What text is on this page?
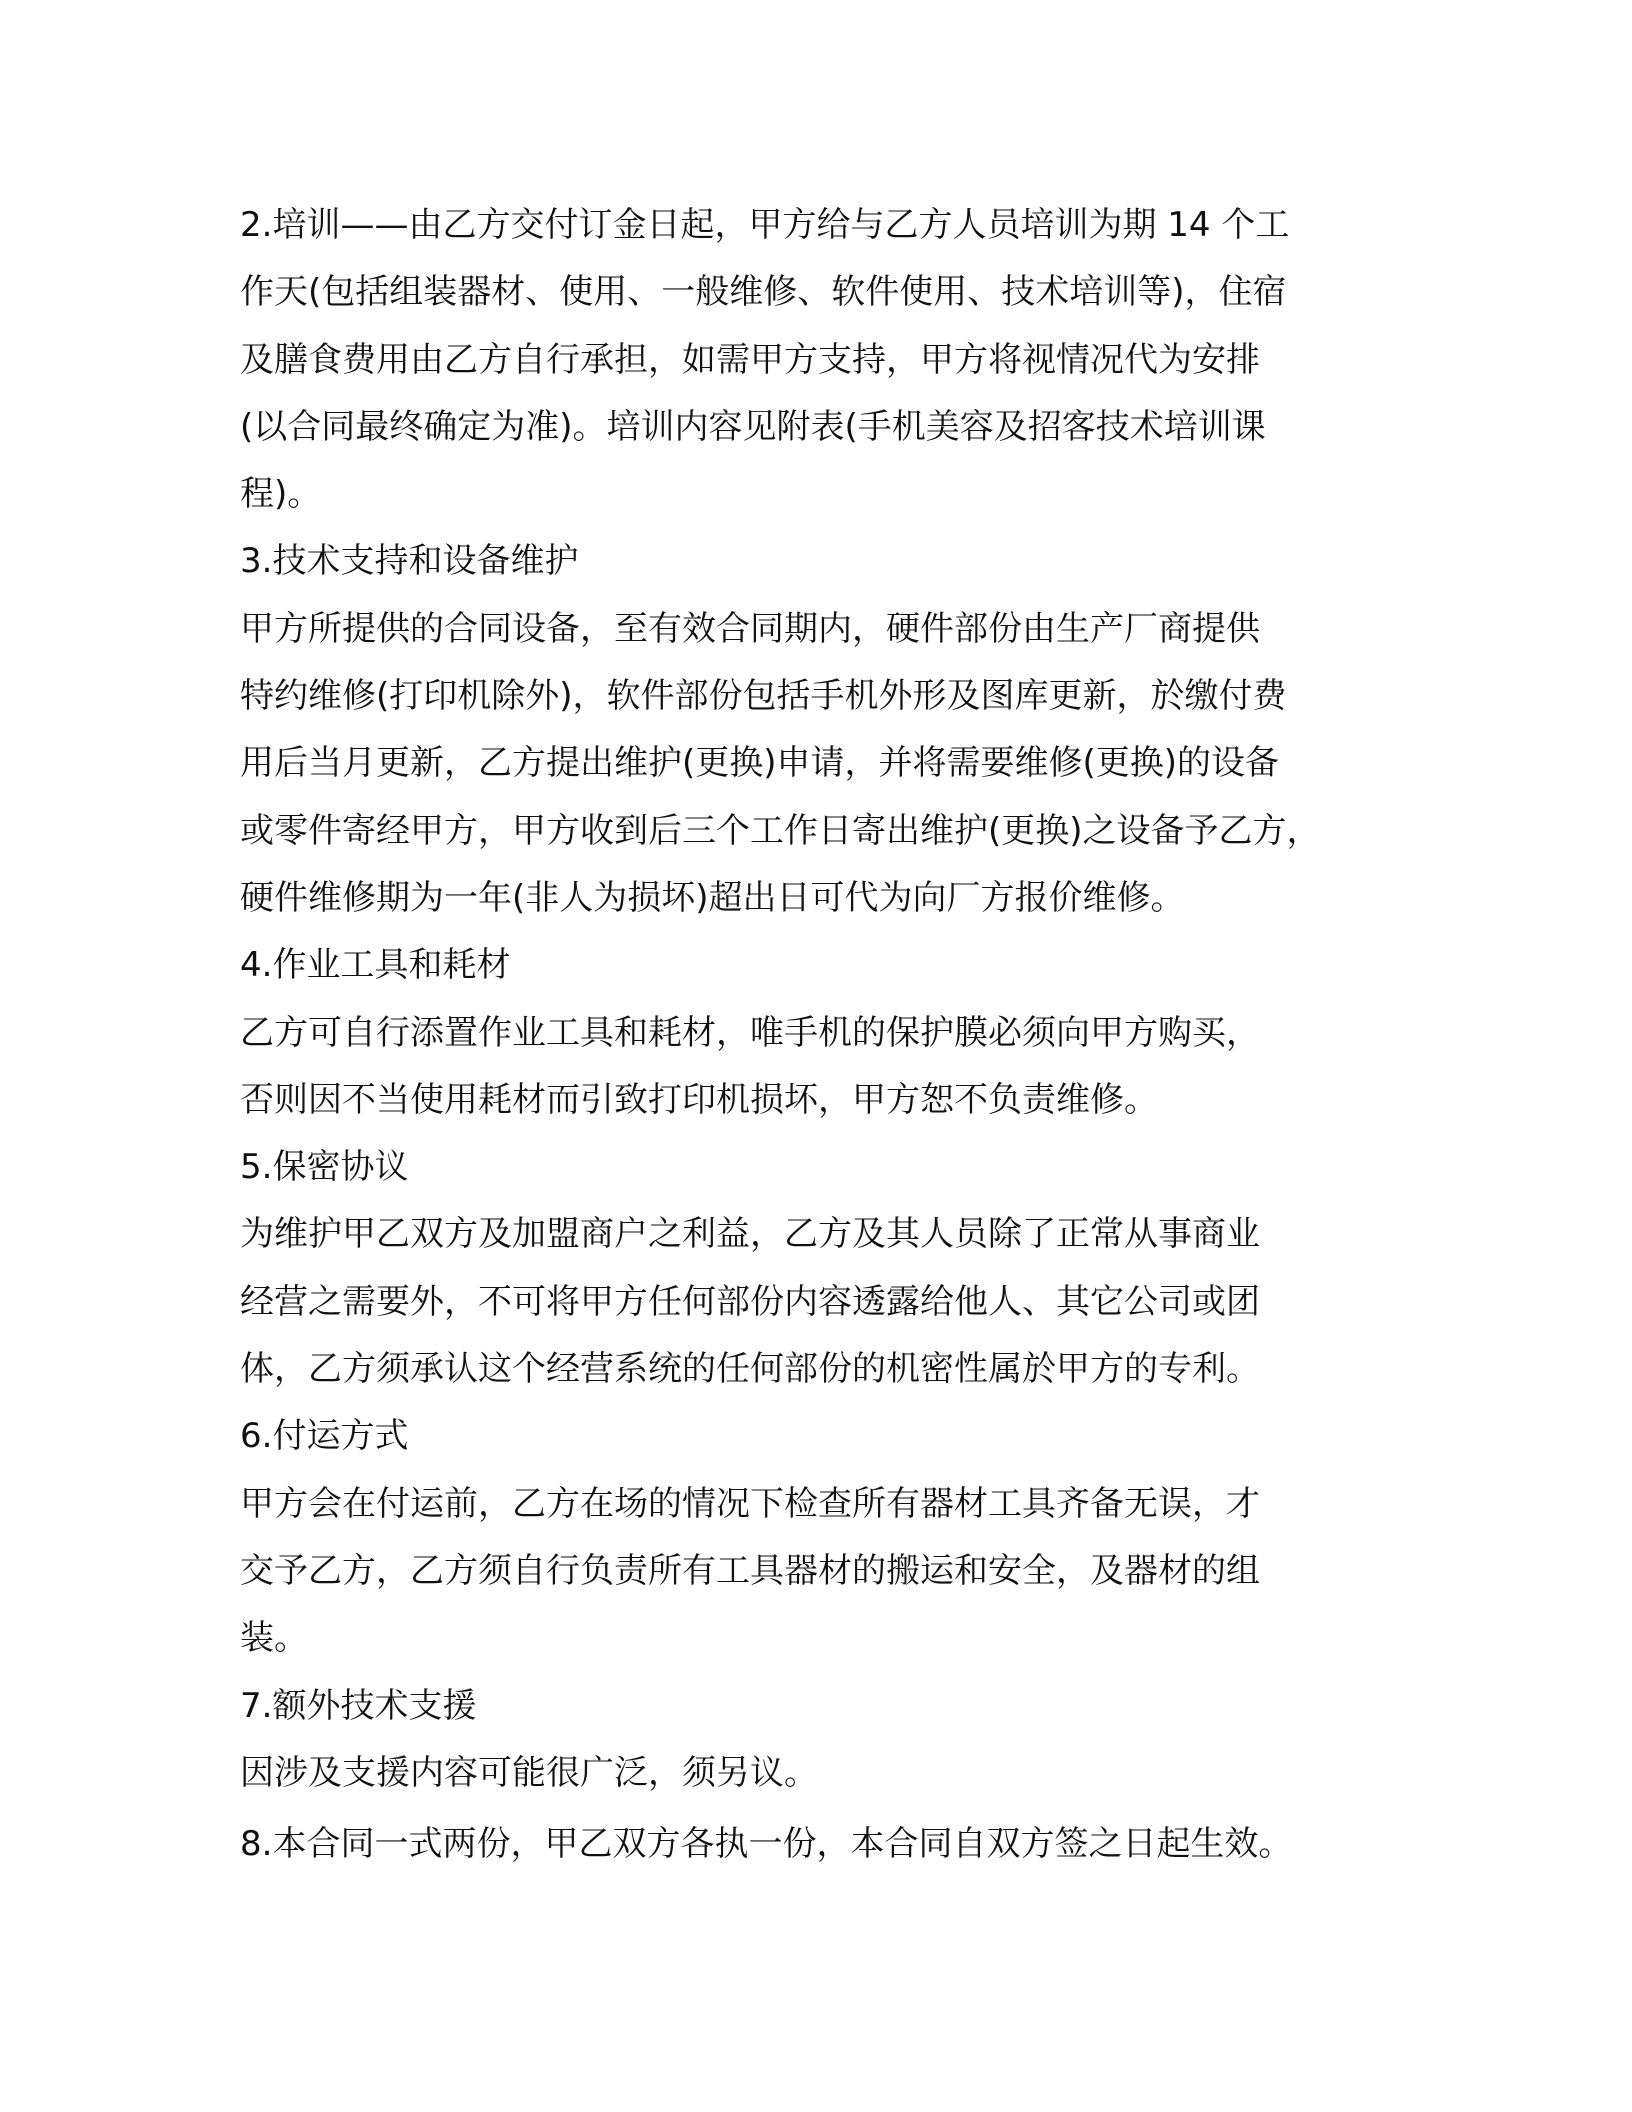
2.培训——由乙方交付订金日起，甲方给与乙方人员培训为期 14 个工
作天(包括组装器材、使用、一般维修、软件使用、技术培训等)，住宿
及膳食费用由乙方自行承担，如需甲方支持，甲方将视情况代为安排
(以合同最终确定为准)。培训内容见附表(手机美容及招客技术培训课
程)。
3.技术支持和设备维护
甲方所提供的合同设备，至有效合同期内，硬件部份由生产厂商提供
特约维修(打印机除外)，软件部份包括手机外形及图库更新，於缴付费
用后当月更新，乙方提出维护(更换)申请，并将需要维修(更换)的设备
或零件寄经甲方，甲方收到后三个工作日寄出维护(更换)之设备予乙方，
硬件维修期为一年(非人为损坏)超出日可代为向厂方报价维修。
4.作业工具和耗材
乙方可自行添置作业工具和耗材，唯手机的保护膜必须向甲方购买，
否则因不当使用耗材而引致打印机损坏，甲方恕不负责维修。
5.保密协议
为维护甲乙双方及加盟商户之利益，乙方及其人员除了正常从事商业
经营之需要外，不可将甲方任何部份内容透露给他人、其它公司或团
体，乙方须承认这个经营系统的任何部份的机密性属於甲方的专利。
6.付运方式
甲方会在付运前，乙方在场的情况下检查所有器材工具齐备无误，才
交予乙方，乙方须自行负责所有工具器材的搬运和安全，及器材的组
装。
7.额外技术支援
因涉及支援内容可能很广泛，须另议。
8.本合同一式两份，甲乙双方各执一份，本合同自双方签之日起生效。
